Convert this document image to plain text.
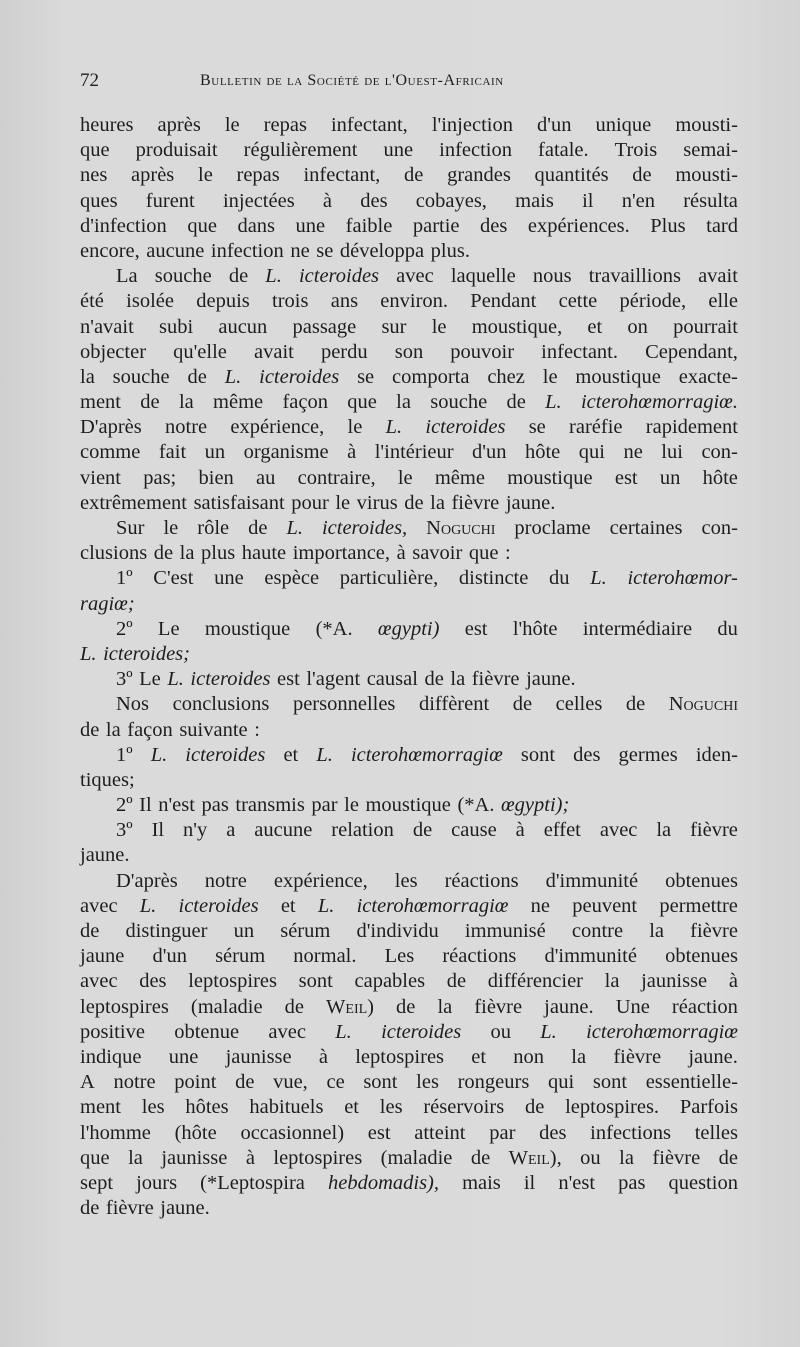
72	Bulletin de la Société de l'Ouest-Africain
heures après le repas infectant, l'injection d'un unique mousti-
que produisait régulièrement une infection fatale. Trois semai-
nes après le repas infectant, de grandes quantités de mousti-
ques furent injectées à des cobayes, mais il n'en résulta
d'infection que dans une faible partie des expériences. Plus tard
encore, aucune infection ne se développa plus.
La souche de L. icteroides avec laquelle nous travaillions avait
été isolée depuis trois ans environ. Pendant cette période, elle
n'avait subi aucun passage sur le moustique, et on pourrait
objecter qu'elle avait perdu son pouvoir infectant. Cependant,
la souche de L. icteroides se comporta chez le moustique exacte-
ment de la même façon que la souche de L. icterohœmorragiœ.
D'après notre expérience, le L. icteroides se raréfie rapidement
comme fait un organisme à l'intérieur d'un hôte qui ne lui con-
vient pas; bien au contraire, le même moustique est un hôte
extrêmement satisfaisant pour le virus de la fièvre jaune.
Sur le rôle de L. icteroides, Noguchi proclame certaines con-
clusions de la plus haute importance, à savoir que :
1º C'est une espèce particulière, distincte du L. icterohœmor-
ragiœ;
2º Le moustique (*A. œgypti) est l'hôte intermédiaire du
L. icteroides;
3º Le L. icteroides est l'agent causal de la fièvre jaune.
Nos conclusions personnelles diffèrent de celles de Noguchi
de la façon suivante :
1º L. icteroides et L. icterohœmorragiœ sont des germes iden-
tiques;
2º Il n'est pas transmis par le moustique (*A. œgypti);
3º Il n'y a aucune relation de cause à effet avec la fièvre
jaune.
D'après notre expérience, les réactions d'immunité obtenues
avec L. icteroides et L. icterohœmorragiœ ne peuvent permettre
de distinguer un sérum d'individu immunisé contre la fièvre
jaune d'un sérum normal. Les réactions d'immunité obtenues
avec des leptospires sont capables de différencier la jaunisse à
leptospires (maladie de Weil) de la fièvre jaune. Une réaction
positive obtenue avec L. icteroides ou L. icterohœmorragiœ
indique une jaunisse à leptospires et non la fièvre jaune.
A notre point de vue, ce sont les rongeurs qui sont essentielle-
ment les hôtes habituels et les réservoirs de leptospires. Parfois
l'homme (hôte occasionnel) est atteint par des infections telles
que la jaunisse à leptospires (maladie de Weil), ou la fièvre de
sept jours (*Leptospira hebdomadis), mais il n'est pas question
de fièvre jaune.
